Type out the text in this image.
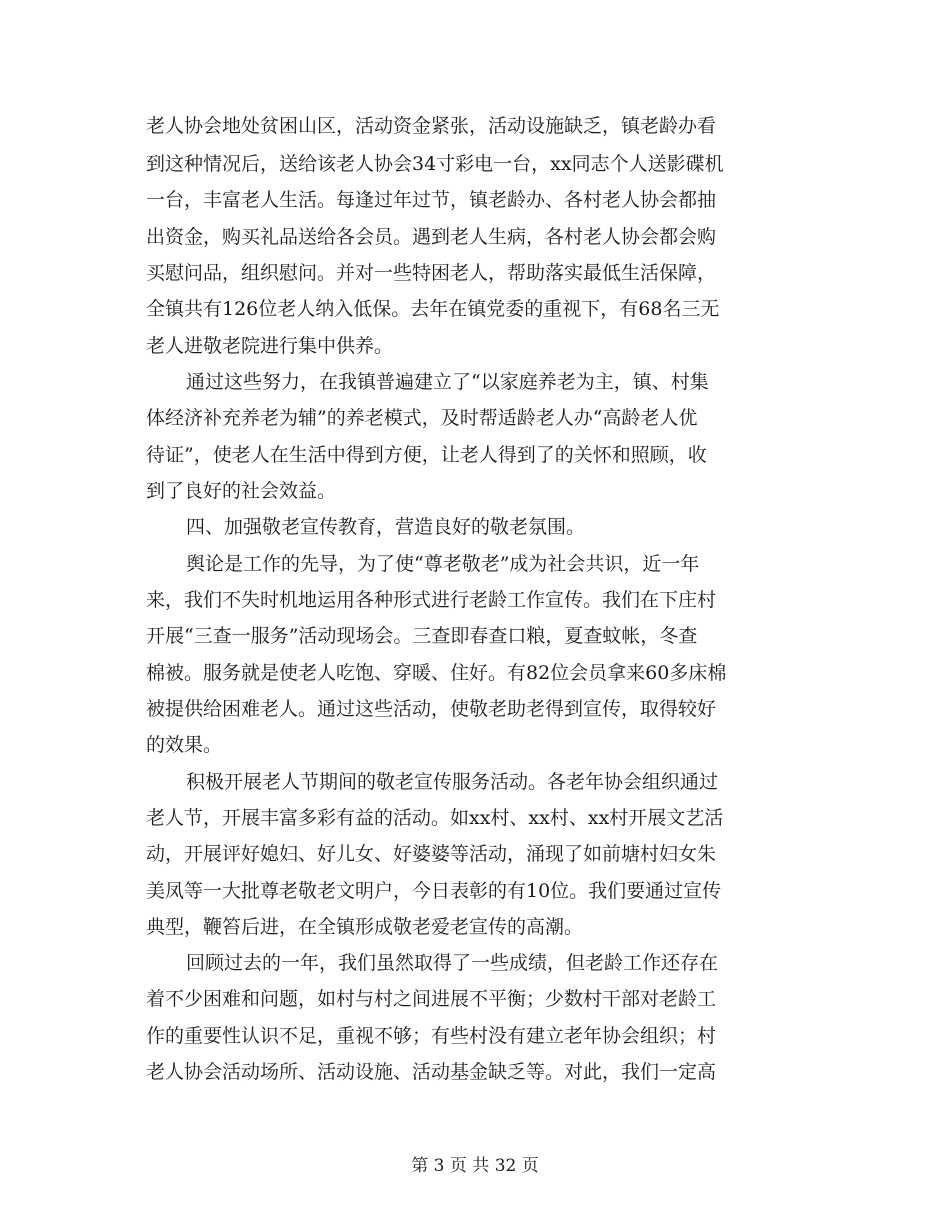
老人协会地处贫困山区，活动资金紧张，活动设施缺乏，镇老龄办看
到这种情况后，送给该老人协会34寸彩电一台，xx同志个人送影碟机
一台，丰富老人生活。每逢过年过节，镇老龄办、各村老人协会都抽
出资金，购买礼品送给各会员。遇到老人生病，各村老人协会都会购
买慰问品，组织慰问。并对一些特困老人，帮助落实最低生活保障，
全镇共有126位老人纳入低保。去年在镇党委的重视下，有68名三无
老人进敬老院进行集中供养。
通过这些努力，在我镇普遍建立了“以家庭养老为主，镇、村集
体经济补充养老为辅”的养老模式，及时帮适龄老人办“高龄老人优
待证”，使老人在生活中得到方便，让老人得到了的关怀和照顾，收
到了良好的社会效益。
四、加强敬老宣传教育，营造良好的敬老氛围。
舆论是工作的先导，为了使“尊老敬老”成为社会共识，近一年
来，我们不失时机地运用各种形式进行老龄工作宣传。我们在下庄村
开展“三查一服务”活动现场会。三查即春查口粮，夏查蚊帐，冬查
棉被。服务就是使老人吃饱、穿暖、住好。有82位会员拿来60多床棉
被提供给困难老人。通过这些活动，使敬老助老得到宣传，取得较好
的效果。
积极开展老人节期间的敬老宣传服务活动。各老年协会组织通过
老人节，开展丰富多彩有益的活动。如xx村、xx村、xx村开展文艺活
动，开展评好媳妇、好儿女、好婆婆等活动，涌现了如前塘村妇女朱
美凤等一大批尊老敬老文明户，今日表彰的有10位。我们要通过宣传
典型，鞭笞后进，在全镇形成敬老爱老宣传的高潮。
回顾过去的一年，我们虽然取得了一些成绩，但老龄工作还存在
着不少困难和问题，如村与村之间进展不平衡；少数村干部对老龄工
作的重要性认识不足，重视不够；有些村没有建立老年协会组织；村
老人协会活动场所、活动设施、活动基金缺乏等。对此，我们一定高
第 3 页 共 32 页
